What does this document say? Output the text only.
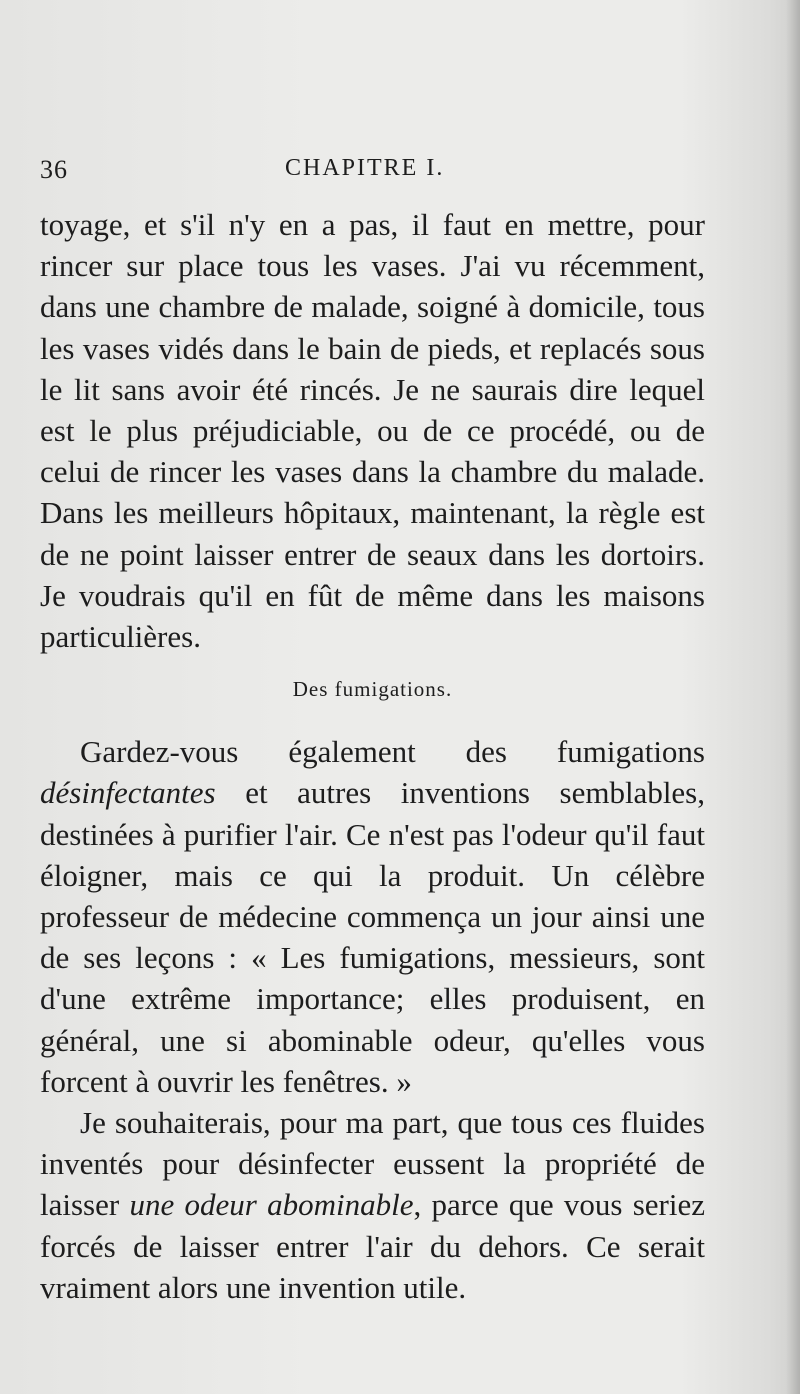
36	CHAPITRE I.

toyage, et s'il n'y en a pas, il faut en mettre, pour rincer sur place tous les vases. J'ai vu récemment, dans une chambre de malade, soigné à domicile, tous les vases vidés dans le bain de pieds, et replacés sous le lit sans avoir été rincés. Je ne saurais dire lequel est le plus préjudiciable, ou de ce procédé, ou de celui de rincer les vases dans la chambre du malade. Dans les meilleurs hôpitaux, maintenant, la règle est de ne point laisser entrer de seaux dans les dortoirs. Je voudrais qu'il en fût de même dans les maisons particulières.

Des fumigations.

Gardez-vous également des fumigations désinfectantes et autres inventions semblables, destinées à purifier l'air. Ce n'est pas l'odeur qu'il faut éloigner, mais ce qui la produit. Un célèbre professeur de médecine commença un jour ainsi une de ses leçons : « Les fumigations, messieurs, sont d'une extrême importance; elles produisent, en général, une si abominable odeur, qu'elles vous forcent à ouvrir les fenêtres. »

Je souhaiterais, pour ma part, que tous ces fluides inventés pour désinfecter eussent la propriété de laisser une odeur abominable, parce que vous seriez forcés de laisser entrer l'air du dehors. Ce serait vraiment alors une invention utile.
